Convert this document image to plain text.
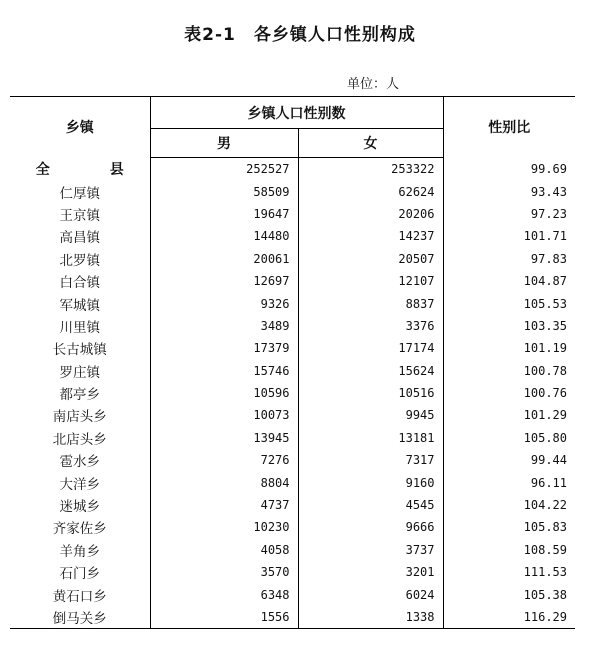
表2-1 各乡镇人口性别构成
单位：人
乡镇	乡镇人口性别数		性别比
	男	女	
全 县	252527	253322	99.69
仁厚镇	58509	62624	93.43
王京镇	19647	20206	97.23
高昌镇	14480	14237	101.71
北罗镇	20061	20507	97.83
白合镇	12697	12107	104.87
军城镇	9326	8837	105.53
川里镇	3489	3376	103.35
长古城镇	17379	17174	101.19
罗庄镇	15746	15624	100.78
都亭乡	10596	10516	100.76
南店头乡	10073	9945	101.29
北店头乡	13945	13181	105.80
雹水乡	7276	7317	99.44
大洋乡	8804	9160	96.11
迷城乡	4737	4545	104.22
齐家佐乡	10230	9666	105.83
羊角乡	4058	3737	108.59
石门乡	3570	3201	111.53
黄石口乡	6348	6024	105.38
倒马关乡	1556	1338	116.29
